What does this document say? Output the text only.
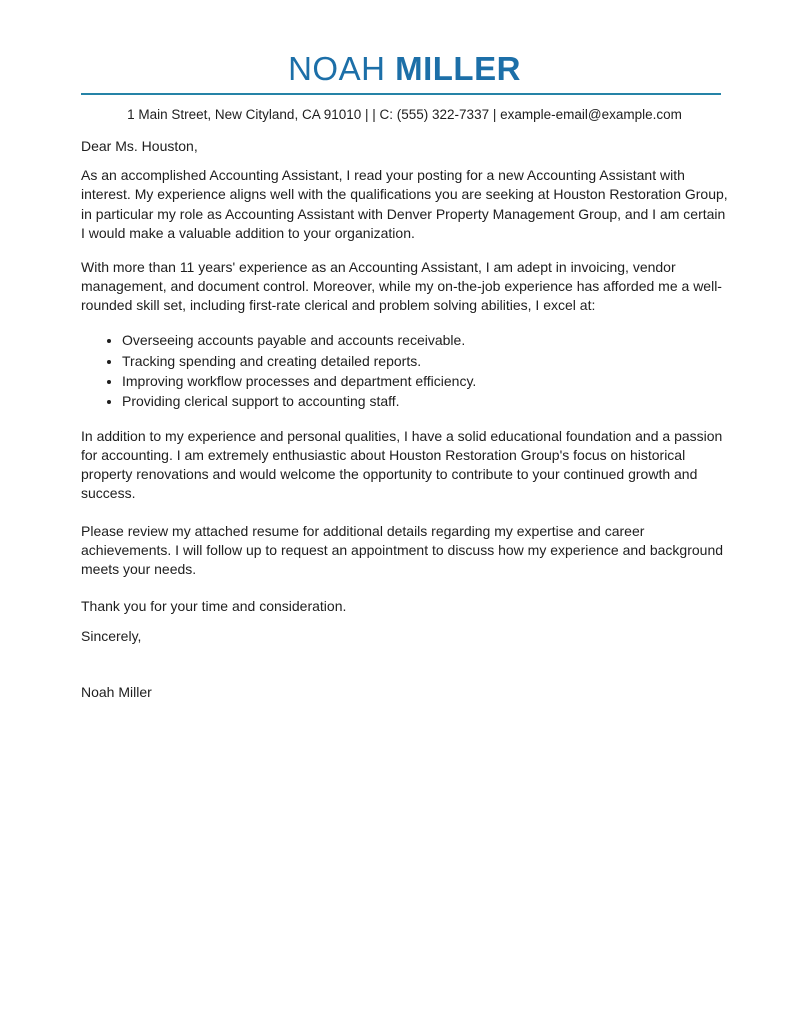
NOAH MILLER
1 Main Street, New Cityland, CA 91010 | | C: (555) 322-7337 | example-email@example.com

Dear Ms. Houston,

As an accomplished Accounting Assistant, I read your posting for a new Accounting Assistant with interest. My experience aligns well with the qualifications you are seeking at Houston Restoration Group, in particular my role as Accounting Assistant with Denver Property Management Group, and I am certain I would make a valuable addition to your organization.

With more than 11 years' experience as an Accounting Assistant, I am adept in invoicing, vendor management, and document control. Moreover, while my on-the-job experience has afforded me a well-rounded skill set, including first-rate clerical and problem solving abilities, I excel at:

• Overseeing accounts payable and accounts receivable.
• Tracking spending and creating detailed reports.
• Improving workflow processes and department efficiency.
• Providing clerical support to accounting staff.

In addition to my experience and personal qualities, I have a solid educational foundation and a passion for accounting. I am extremely enthusiastic about Houston Restoration Group's focus on historical property renovations and would welcome the opportunity to contribute to your continued growth and success.

Please review my attached resume for additional details regarding my expertise and career achievements. I will follow up to request an appointment to discuss how my experience and background meets your needs.

Thank you for your time and consideration.

Sincerely,

Noah Miller
